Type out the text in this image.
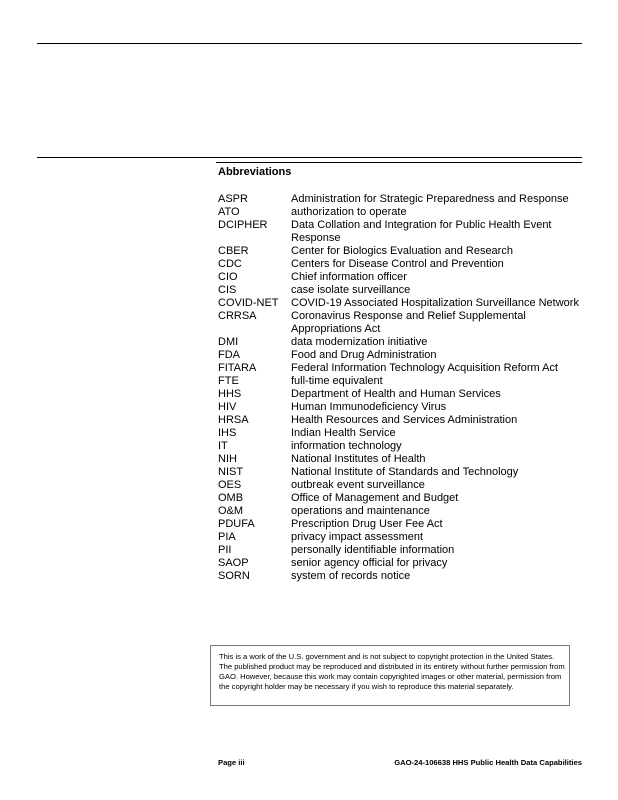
Abbreviations
ASPR	Administration for Strategic Preparedness and Response
ATO	authorization to operate
DCIPHER	Data Collation and Integration for Public Health Event Response
CBER	Center for Biologics Evaluation and Research
CDC	Centers for Disease Control and Prevention
CIO	Chief information officer
CIS	case isolate surveillance
COVID-NET	COVID-19 Associated Hospitalization Surveillance Network
CRRSA	Coronavirus Response and Relief Supplemental Appropriations Act
DMI	data modernization initiative
FDA	Food and Drug Administration
FITARA	Federal Information Technology Acquisition Reform Act
FTE	full-time equivalent
HHS	Department of Health and Human Services
HIV	Human Immunodeficiency Virus
HRSA	Health Resources and Services Administration
IHS	Indian Health Service
IT	information technology
NIH	National Institutes of Health
NIST	National Institute of Standards and Technology
OES	outbreak event surveillance
OMB	Office of Management and Budget
O&M	operations and maintenance
PDUFA	Prescription Drug User Fee Act
PIA	privacy impact assessment
PII	personally identifiable information
SAOP	senior agency official for privacy
SORN	system of records notice

This is a work of the U.S. government and is not subject to copyright protection in the United States. The published product may be reproduced and distributed in its entirety without further permission from GAO. However, because this work may contain copyrighted images or other material, permission from the copyright holder may be necessary if you wish to reproduce this material separately.

Page iii	GAO-24-106638 HHS Public Health Data Capabilities
